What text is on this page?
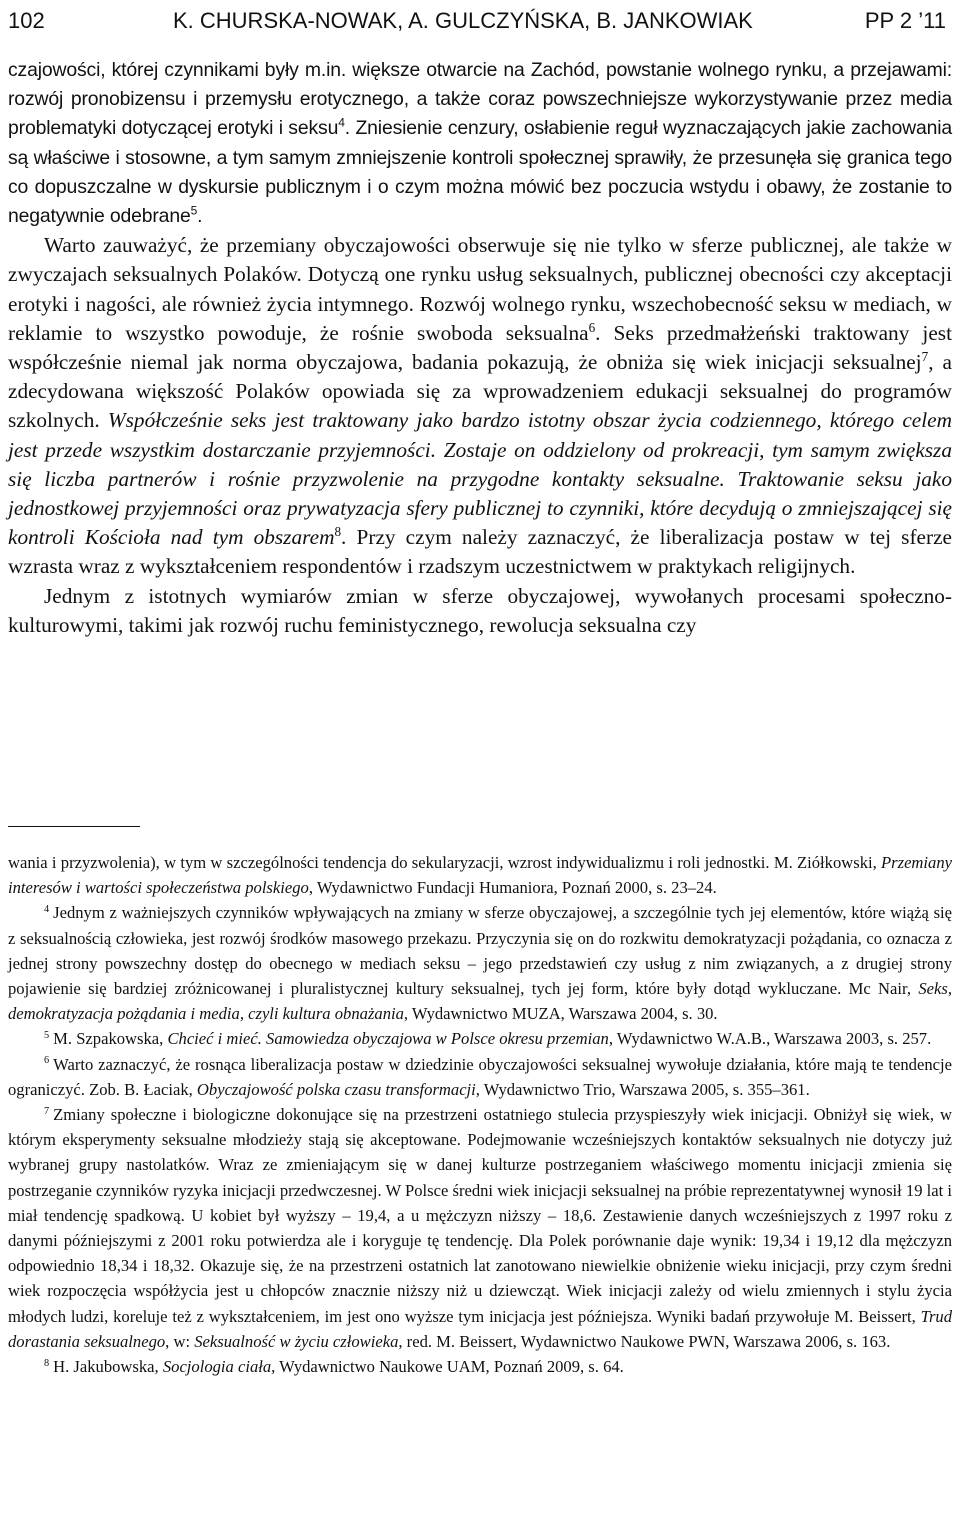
102	K. CHURSKA-NOWAK, A. GULCZYŃSKA, B. JANKOWIAK	PP 2 ’11

czajowości, której czynnikami były m.in. większe otwarcie na Zachód, powstanie wolnego rynku, a przejawami: rozwój pronobizensu i przemysłu erotycznego, a także coraz powszechniejsze wykorzystywanie przez media problematyki dotyczącej erotyki i seksu$^4$. Zniesienie cenzury, osłabienie reguł wyznaczających jakie zachowania są właściwe i stosowne, a tym samym zmniejszenie kontroli społecznej sprawiły, że przesunęła się granica tego co dopuszczalne w dyskursie publicznym i o czym można mówić bez poczucia wstydu i obawy, że zostanie to negatywnie odebrane$^5$.

Warto zauważyć, że przemiany obyczajowości obserwuje się nie tylko w sferze publicznej, ale także w zwyczajach seksualnych Polaków. Dotyczą one rynku usług seksualnych, publicznej obecności czy akceptacji erotyki i nagości, ale również życia intymnego. Rozwój wolnego rynku, wszechobecność seksu w mediach, w reklamie to wszystko powoduje, że rośnie swoboda seksualna$^6$. Seks przedmałżeński traktowany jest współcześnie niemal jak norma obyczajowa, badania pokazują, że obniża się wiek inicjacji seksualnej$^7$, a zdecydowana większość Polaków opowiada się za wprowadzeniem edukacji seksualnej do programów szkolnych. Współcześnie seks jest traktowany jako bardzo istotny obszar życia codziennego, którego celem jest przede wszystkim dostarczanie przyjemności. Zostaje on oddzielony od prokreacji, tym samym zwiększa się liczba partnerów i rośnie przyzwolenie na przygodne kontakty seksualne. Traktowanie seksu jako jednostkowej przyjemności oraz prywatyzacja sfery publicznej to czynniki, które decydują o zmniejszającej się kontroli Kościoła nad tym obszarem$^8$. Przy czym należy zaznaczyć, że liberalizacja postaw w tej sferze wzrasta wraz z wykształceniem respondentów i rzadszym uczestnictwem w praktykach religijnych.

Jednym z istotnych wymiarów zmian w sferze obyczajowej, wywołanych procesami społeczno-kulturowymi, takimi jak rozwój ruchu feministycznego, rewolucja seksualna czy

wania i przyzwolenia), w tym w szczególności tendencja do sekularyzacji, wzrost indywidualizmu i roli jednostki. M. Ziółkowski, Przemiany interesów i wartości społeczeństwa polskiego, Wydawnictwo Fundacji Humaniora, Poznań 2000, s. 23–24.

$^4$ Jednym z ważniejszych czynników wpływających na zmiany w sferze obyczajowej, a szczególnie tych jej elementów, które wiążą się z seksualnością człowieka, jest rozwój środków masowego przekazu. Przyczynia się on do rozkwitu demokratyzacji pożądania, co oznacza z jednej strony powszechny dostęp do obecnego w mediach seksu – jego przedstawień czy usług z nim związanych, a z drugiej strony pojawienie się bardziej zróżnicowanej i pluralistycznej kultury seksualnej, tych jej form, które były dotąd wykluczane. Mc Nair, Seks, demokratyzacja pożądania i media, czyli kultura obnażania, Wydawnictwo MUZA, Warszawa 2004, s. 30.

$^5$ M. Szpakowska, Chcieć i mieć. Samowiedza obyczajowa w Polsce okresu przemian, Wydawnictwo W.A.B., Warszawa 2003, s. 257.

$^6$ Warto zaznaczyć, że rosnąca liberalizacja postaw w dziedzinie obyczajowości seksualnej wywołuje działania, które mają te tendencje ograniczyć. Zob. B. Łaciak, Obyczajowość polska czasu transformacji, Wydawnictwo Trio, Warszawa 2005, s. 355–361.

$^7$ Zmiany społeczne i biologiczne dokonujące się na przestrzeni ostatniego stulecia przyspieszyły wiek inicjacji. Obniżył się wiek, w którym eksperymenty seksualne młodzieży stają się akceptowane. Podejmowanie wcześniejszych kontaktów seksualnych nie dotyczy już wybranej grupy nastolatków. Wraz ze zmieniającym się w danej kulturze postrzeganiem właściwego momentu inicjacji zmienia się postrzeganie czynników ryzyka inicjacji przedwczesnej. W Polsce średni wiek inicjacji seksualnej na próbie reprezentatywnej wynosił 19 lat i miał tendencję spadkową. U kobiet był wyższy – 19,4, a u mężczyzn niższy – 18,6. Zestawienie danych wcześniejszych z 1997 roku z danymi późniejszymi z 2001 roku potwierdza ale i koryguje tę tendencję. Dla Polek porównanie daje wynik: 19,34 i 19,12 dla mężczyzn odpowiednio 18,34 i 18,32. Okazuje się, że na przestrzeni ostatnich lat zanotowano niewielkie obniżenie wieku inicjacji, przy czym średni wiek rozpoczęcia współżycia jest u chłopców znacznie niższy niż u dziewcząt. Wiek inicjacji zależy od wielu zmiennych i stylu życia młodych ludzi, koreluje też z wykształceniem, im jest ono wyższe tym inicjacja jest późniejsza. Wyniki badań przywołuje M. Beissert, Trud dorastania seksualnego, w: Seksualność w życiu człowieka, red. M. Beissert, Wydawnictwo Naukowe PWN, Warszawa 2006, s. 163.

$^8$ H. Jakubowska, Socjologia ciała, Wydawnictwo Naukowe UAM, Poznań 2009, s. 64.
